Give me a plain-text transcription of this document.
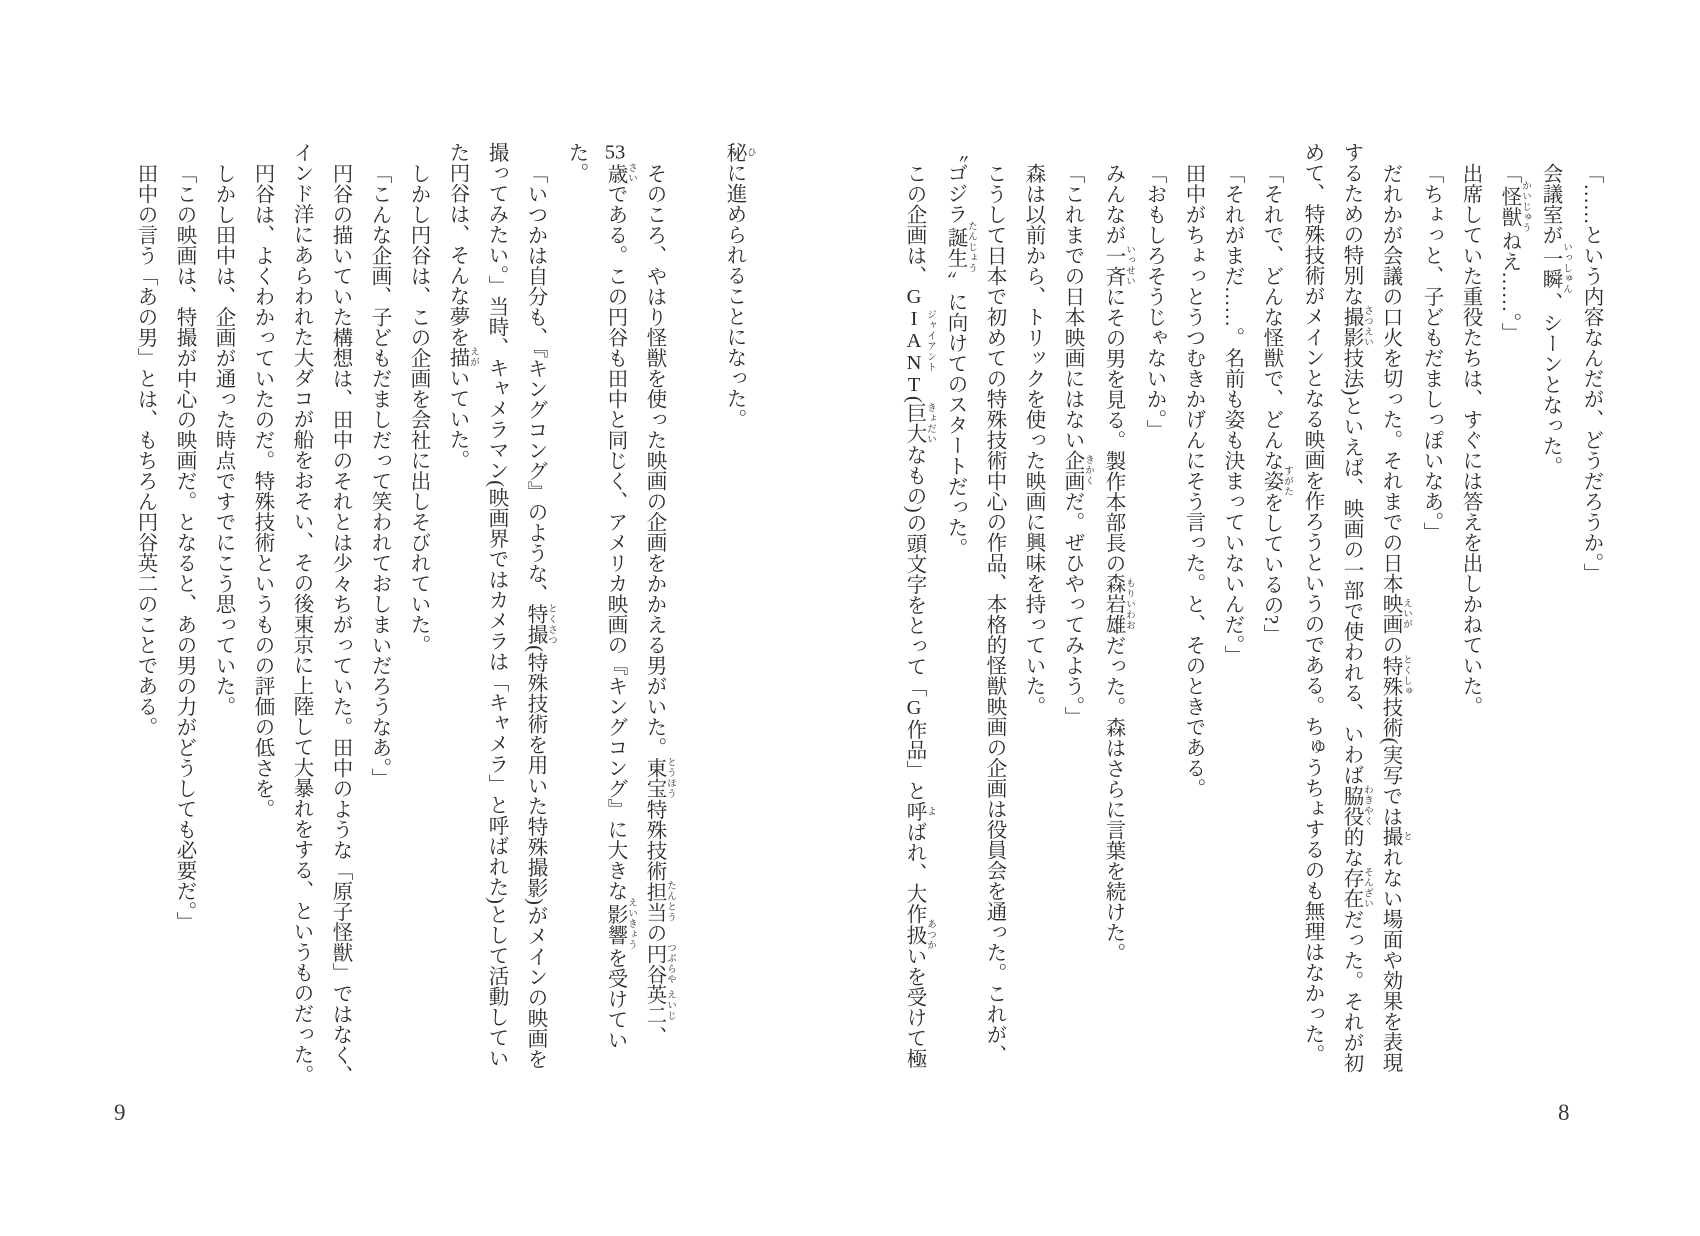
「……という内容なんだが、どうだろうか。」

会議室が一瞬 いっしゅん、シーンとなった。

「怪獣 かいじゅうねえ……。」

出席していた重役たちは、すぐには答えを出しかねていた。

「ちょっと、子どもだましっぽいなあ。」

だれかが会議の口火を切った。それまでの日本映画 えいがの特殊 とくしゅ技術(実写では撮 とれない場面や効果を表現するための特別な撮影 さつえい技法)といえば、映画の一部で使われる、いわば脇役 わきやく的な存在 そんざいだった。それが初めて、特殊技術がメインとなる映画を作ろうというのである。ちゅうちょするのも無理はなかった。

「それで、どんな怪獣で、どんな姿 すがたをしているの?」

「それがまだ……。名前も姿も決まっていないんだ。」

田中がちょっとうつむきかげんにそう言った。と、そのときである。

「おもしろそうじゃないか。」

みんなが一斉 いっせいにその男を見る。製作本部長の森岩雄 もりいわおだった。森はさらに言葉を続けた。

「これまでの日本映画にはない企画 きかくだ。ぜひやってみよう。」

森は以前から、トリックを使った映画に興味を持っていた。

こうして日本で初めての特殊技術中心の作品、本格的怪獣映画の企画は役員会を通った。これが、〝ゴジラ誕生 たんじょう〟に向けてのスタートだった。

この企画は、GIANT ジャイアント(巨大 きょだいなもの)の頭文字をとって「G作品」と呼 よばれ、大作扱 あつかいを受けて極

秘 ひに進められることになった。

そのころ、やはり怪獣を使った映画の企画をかかえる男がいた。東宝 とうほう特殊技術担当 たんとうの円谷 つぶらや英二 えいじ、53歳 さいである。この円谷も田中と同じく、アメリカ映画の『キングコング』に大きな影響 えいきょうを受けていた。

「いつかは自分も、『キングコング』のような、特撮 とくさつ(特殊技術を用いた特殊撮影)がメインの映画を撮ってみたい。」当時、キャメラマン(映画界ではカメラは「キャメラ」と呼ばれた)として活動していた円谷は、そんな夢を描 えがいていた。

しかし円谷は、この企画を会社に出しそびれていた。

「こんな企画、子どもだましだって笑われておしまいだろうなあ。」

円谷の描いていた構想は、田中のそれとは少々ちがっていた。田中のような「原子怪獣」ではなく、インド洋にあらわれた大ダコが船をおそい、その後東京に上陸して大暴れをする、というものだった。

円谷は、よくわかっていたのだ。特殊技術というものの評価の低さを。

しかし田中は、企画が通った時点ですでにこう思っていた。

「この映画は、特撮が中心の映画だ。となると、あの男の力がどうしても必要だ。」

田中の言う「あの男」とは、もちろん円谷英二のことである。

8
9
